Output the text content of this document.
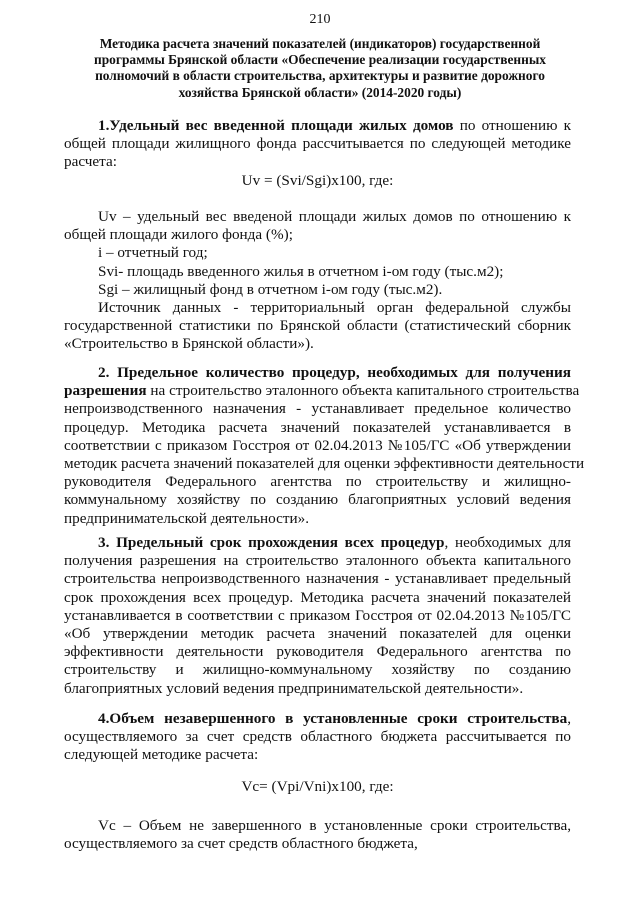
210
Методика расчета значений показателей (индикаторов) государственной
программы Брянской области «Обеспечение реализации государственных
полномочий в области строительства, архитектуры и развитие дорожного
хозяйства Брянской области» (2014-2020 годы)

1.Удельный вес введенной площади жилых домов по отношению к

общей площади жилищного фонда рассчитывается по следующей методике

расчета:

Uv = (Svi/Sgi)x100, где:

Uv – удельный вес введеной площади жилых домов по отношению к

общей площади жилого фонда (%);

i – отчетный год;

Svi- площадь введенного жилья в отчетном i-ом году (тыс.м2);

Sgi – жилищный фонд в отчетном i-ом году (тыс.м2).

Источник данных - территориальный орган федеральной службы

государственной статистики по Брянской области (статистический сборник

«Строительство в Брянской области»).

2. Предельное количество процедур, необходимых для получения

разрешения на строительство эталонного объекта капитального строительства

непроизводственного назначения - устанавливает предельное количество

процедур. Методика расчета значений показателей устанавливается в

соответствии с приказом Госстроя от 02.04.2013 №105/ГС «Об утверждении

методик расчета значений показателей для оценки эффективности деятельности

руководителя Федерального агентства по строительству и жилищно-

коммунальному хозяйству по созданию благоприятных условий ведения

предпринимательской деятельности».

3. Предельный срок прохождения всех процедур, необходимых для

получения разрешения на строительство эталонного объекта капитального

строительства непроизводственного назначения - устанавливает предельный

срок прохождения всех процедур. Методика расчета значений показателей

устанавливается в соответствии с приказом Госстроя от 02.04.2013 №105/ГС

«Об утверждении методик расчета значений показателей для оценки

эффективности деятельности руководителя Федерального агентства по

строительству и жилищно-коммунальному хозяйству по созданию

благоприятных условий ведения предпринимательской деятельности».

4.Объем незавершенного в установленные сроки строительства,

осуществляемого за счет средств областного бюджета рассчитывается по

следующей методике расчета:

Vc= (Vpi/Vni)x100, где:

Vc – Объем не завершенного в установленные сроки строительства,

осуществляемого за счет средств областного бюджета,
